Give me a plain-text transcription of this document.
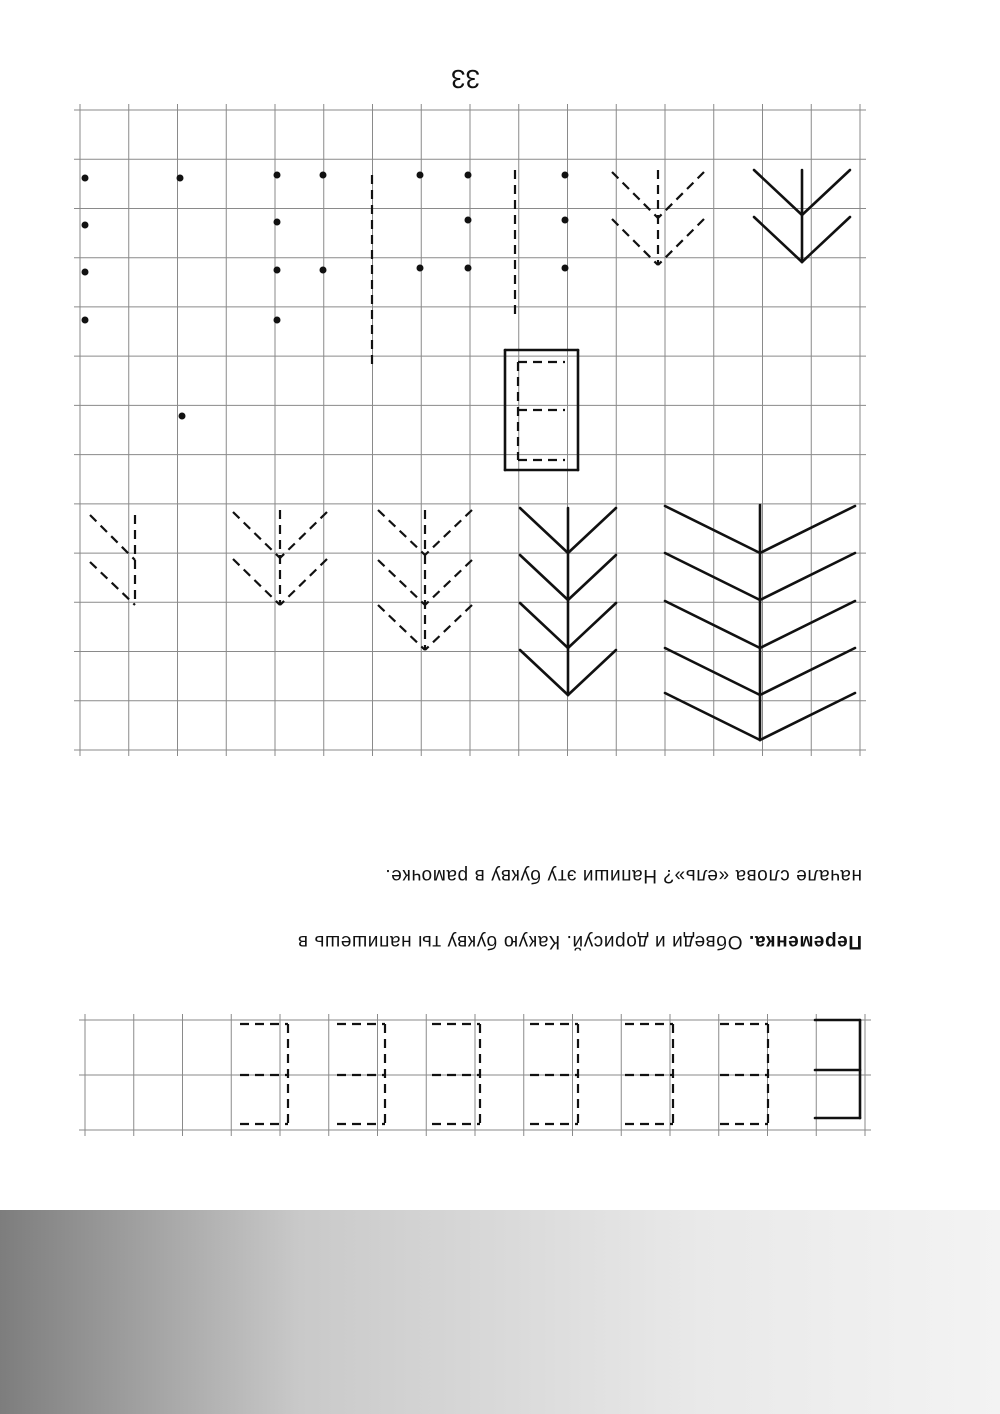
33
Переменка. Обведи и дорисуй. Какую букву ты напишешь в
начале слова «ель»? Напиши эту букву в рамочке.
